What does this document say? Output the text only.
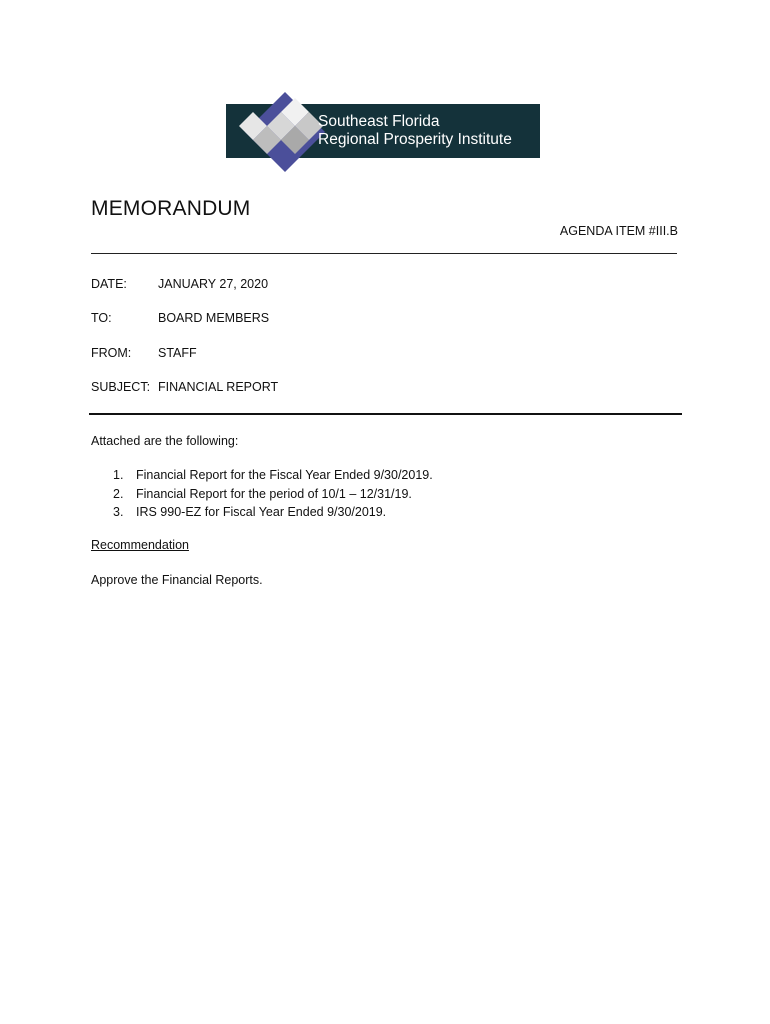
Southeast Florida
Regional Prosperity Institute
MEMORANDUM
AGENDA ITEM #III.B
DATE: JANUARY 27, 2020
TO:	BOARD MEMBERS
FROM: STAFF
SUBJECT: FINANCIAL REPORT
Attached are the following:
1. Financial Report for the Fiscal Year Ended 9/30/2019.
2. Financial Report for the period of 10/1 – 12/31/19.
3. IRS 990-EZ for Fiscal Year Ended 9/30/2019.
Recommendation
Approve the Financial Reports.
